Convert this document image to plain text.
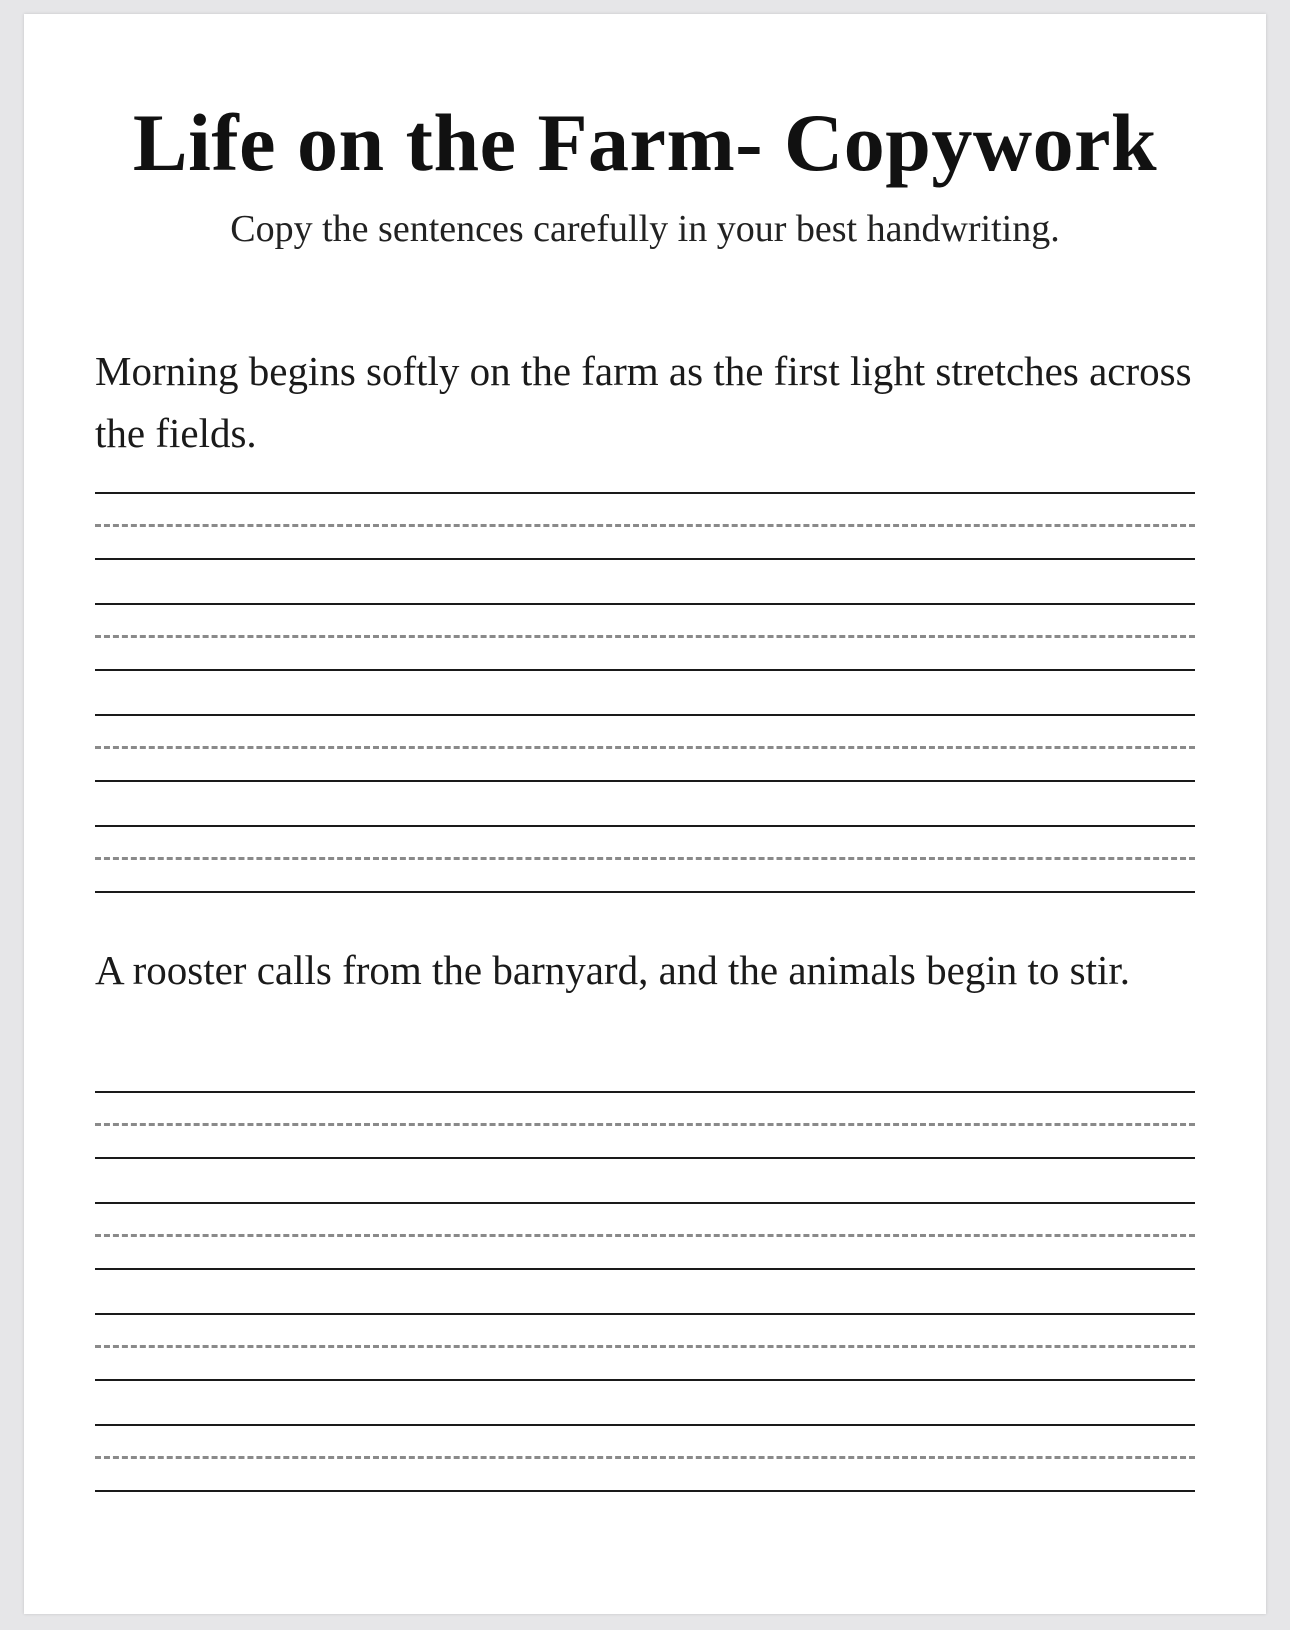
Life on the Farm- Copywork

Copy the sentences carefully in your best handwriting.

Morning begins softly on the farm as the first light stretches across the fields.

A rooster calls from the barnyard, and the animals begin to stir.
